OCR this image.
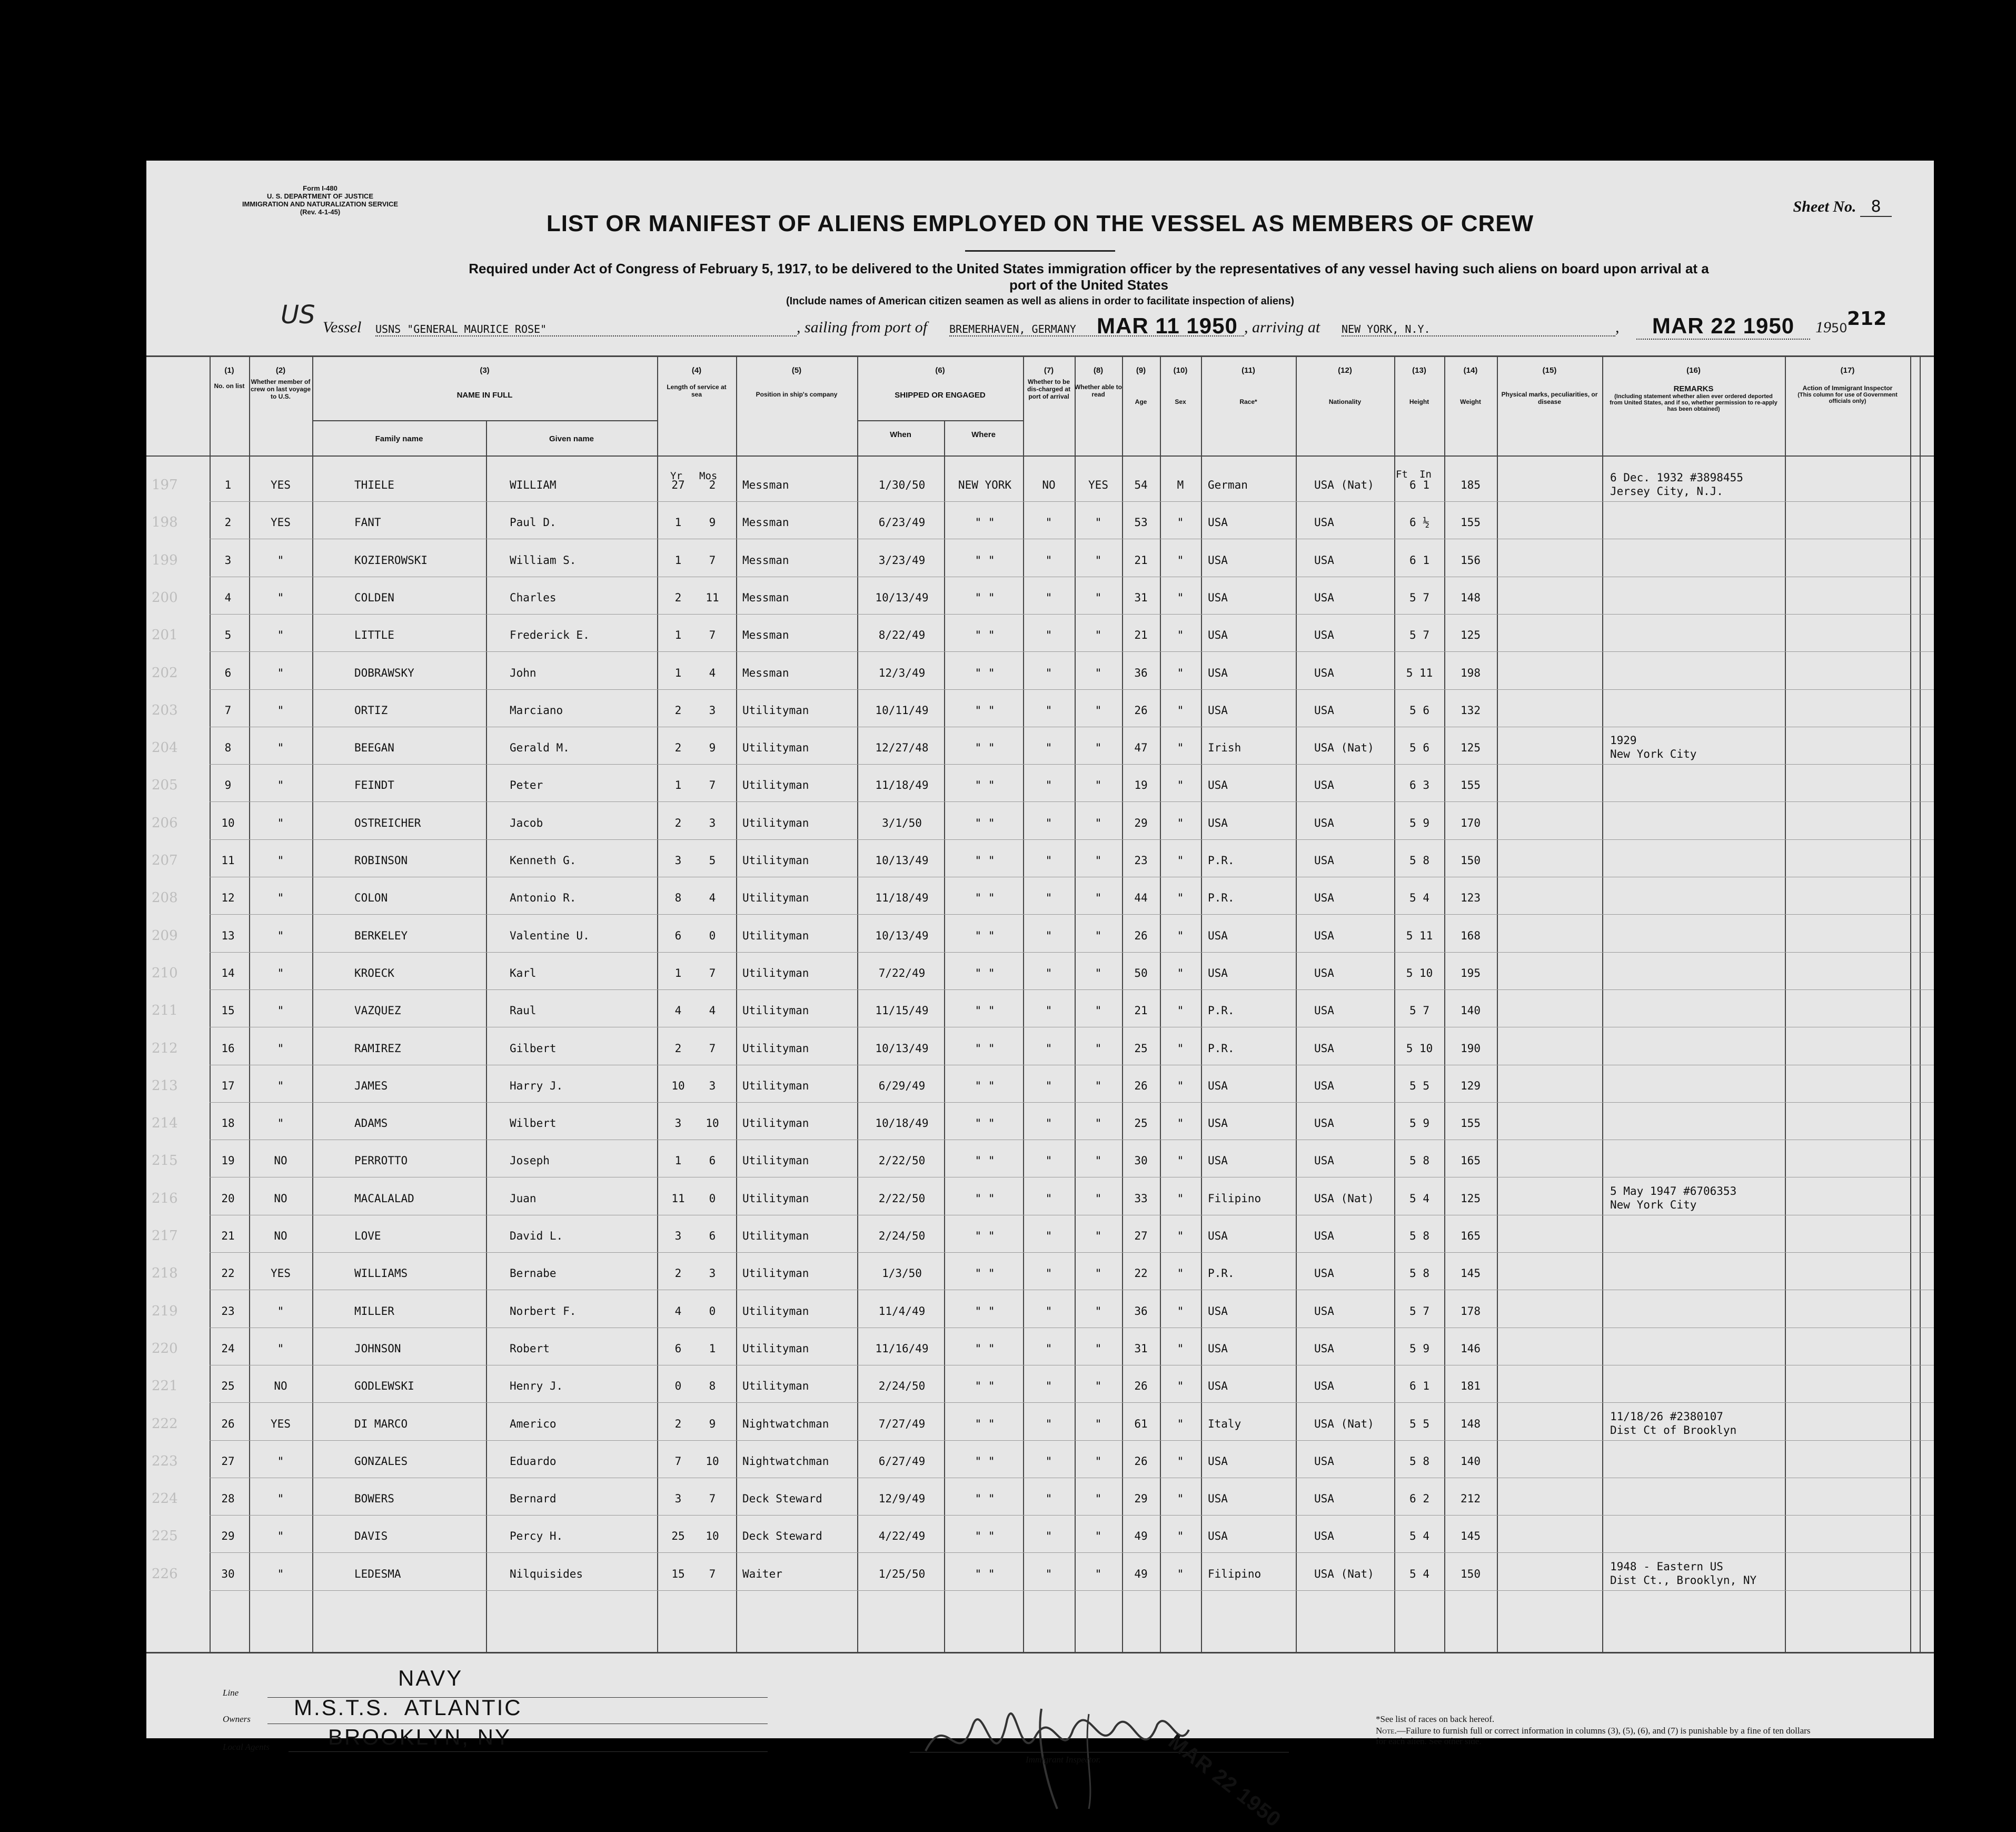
Form I-480
U. S. DEPARTMENT OF JUSTICE
IMMIGRATION AND NATURALIZATION SERVICE
(Rev. 4-1-45)	Sheet No. 8
LIST OR MANIFEST OF ALIENS EMPLOYED ON THE VESSEL AS MEMBERS OF CREW
Required under Act of Congress of February 5, 1917, to be delivered to the United States immigration officer by the representatives of any vessel having such aliens on board upon arrival at a
port of the United States
(Include names of American citizen seamen as well as aliens in order to facilitate inspection of aliens)
US Vessel USNS "GENERAL MAURICE ROSE"	, sailing from port of BREMERHAVEN, GERMANY MAR 11 1950 , arriving at NEW YORK, N.Y.	,	MAR 22 1950	1950 212
(1)
No. on list
(2)
Whether member of crew on last voyage to U.S.
(3)
NAME IN FULL
Family name	Given name
(4)
Length of service at sea
(5)
Position in ship's company
(6)
SHIPPED OR ENGAGED
When	Where
(7)
Whether to be dis-charged at port of arrival
(8)
Whether able to read
(9)
Age
(10)
Sex
(11)
Race*
(12)
Nationality
(13)
Height
(14)
Weight
(15)
Physical marks, peculiarities, or disease
(16)
REMARKS
(Including statement whether alien ever ordered deported from United States, and if so, whether permission to re-apply has been obtained)
(17)
Action of Immigrant Inspector
(This column for use of Government officials only)
Yr Mos	Ft In
197	1	YES	THIELE	WILLIAM	27	2	Messman	1/30/50	NEW YORK	NO	YES	54	M	German	USA (Nat)	6 1	185
6 Dec. 1932 #3898455
Jersey City, N.J.
198	2	YES	FANT	Paul D.	1	9	Messman	6/23/49	" "	"	"	53	"	USA	USA	6 ½	155
199	3	"	KOZIEROWSKI	William S.	1	7	Messman	3/23/49	" "	"	"	21	"	USA	USA	6 1	156
200	4	"	COLDEN	Charles	2	11	Messman	10/13/49	" "	"	"	31	"	USA	USA	5 7	148
201	5	"	LITTLE	Frederick E.	1	7	Messman	8/22/49	" "	"	"	21	"	USA	USA	5 7	125
202	6	"	DOBRAWSKY	John	1	4	Messman	12/3/49	" "	"	"	36	"	USA	USA	5 11	198
203	7	"	ORTIZ	Marciano	2	3	Utilityman	10/11/49	" "	"	"	26	"	USA	USA	5 6	132
204	8	"	BEEGAN	Gerald M.	2	9	Utilityman	12/27/48	" "	"	"	47	"	Irish	USA (Nat)	5 6	125
1929
New York City
205	9	"	FEINDT	Peter	1	7	Utilityman	11/18/49	" "	"	"	19	"	USA	USA	6 3	155
206	10	"	OSTREICHER	Jacob	2	3	Utilityman	3/1/50	" "	"	"	29	"	USA	USA	5 9	170
207	11	"	ROBINSON	Kenneth G.	3	5	Utilityman	10/13/49	" "	"	"	23	"	P.R.	USA	5 8	150
208	12	"	COLON	Antonio R.	8	4	Utilityman	11/18/49	" "	"	"	44	"	P.R.	USA	5 4	123
209	13	"	BERKELEY	Valentine U.	6	0	Utilityman	10/13/49	" "	"	"	26	"	USA	USA	5 11	168
210	14	"	KROECK	Karl	1	7	Utilityman	7/22/49	" "	"	"	50	"	USA	USA	5 10	195
211	15	"	VAZQUEZ	Raul	4	4	Utilityman	11/15/49	" "	"	"	21	"	P.R.	USA	5 7	140
212	16	"	RAMIREZ	Gilbert	2	7	Utilityman	10/13/49	" "	"	"	25	"	P.R.	USA	5 10	190
213	17	"	JAMES	Harry J.	10	3	Utilityman	6/29/49	" "	"	"	26	"	USA	USA	5 5	129
214	18	"	ADAMS	Wilbert	3	10	Utilityman	10/18/49	" "	"	"	25	"	USA	USA	5 9	155
215	19	NO	PERROTTO	Joseph	1	6	Utilityman	2/22/50	" "	"	"	30	"	USA	USA	5 8	165
216	20	NO	MACALALAD	Juan	11	0	Utilityman	2/22/50	" "	"	"	33	"	Filipino	USA (Nat)	5 4	125
5 May 1947 #6706353
New York City
217	21	NO	LOVE	David L.	3	6	Utilityman	2/24/50	" "	"	"	27	"	USA	USA	5 8	165
218	22	YES	WILLIAMS	Bernabe	2	3	Utilityman	1/3/50	" "	"	"	22	"	P.R.	USA	5 8	145
219	23	"	MILLER	Norbert F.	4	0	Utilityman	11/4/49	" "	"	"	36	"	USA	USA	5 7	178
220	24	"	JOHNSON	Robert	6	1	Utilityman	11/16/49	" "	"	"	31	"	USA	USA	5 9	146
221	25	NO	GODLEWSKI	Henry J.	0	8	Utilityman	2/24/50	" "	"	"	26	"	USA	USA	6 1	181
222	26	YES	DI MARCO	Americo	2	9	Nightwatchman	7/27/49	" "	"	"	61	"	Italy	USA (Nat)	5 5	148
11/18/26 #2380107
Dist Ct of Brooklyn
223	27	"	GONZALES	Eduardo	7	10	Nightwatchman	6/27/49	" "	"	"	26	"	USA	USA	5 8	140
224	28	"	BOWERS	Bernard	3	7	Deck Steward	12/9/49	" "	"	"	29	"	USA	USA	6 2	212
225	29	"	DAVIS	Percy H.	25	10	Deck Steward	4/22/49	" "	"	"	49	"	USA	USA	5 4	145
226	30	"	LEDESMA	Nilquisides	15	7	Waiter	1/25/50	" "	"	"	49	"	Filipino	USA (Nat)	5 4	150
1948 - Eastern US
Dist Ct., Brooklyn, NY
Line
NAVY
Owners M.S.T.S.  ATLANTIC
Local Agents	BROOKLYN, NY
Immigrant Inspector.	MAR 22 1950
*See list of races on back hereof.
Note.—Failure to furnish full or correct information in columns (3), (5), (6), and (7) is punishable by a fine of ten dollars for each alien. See other side.
